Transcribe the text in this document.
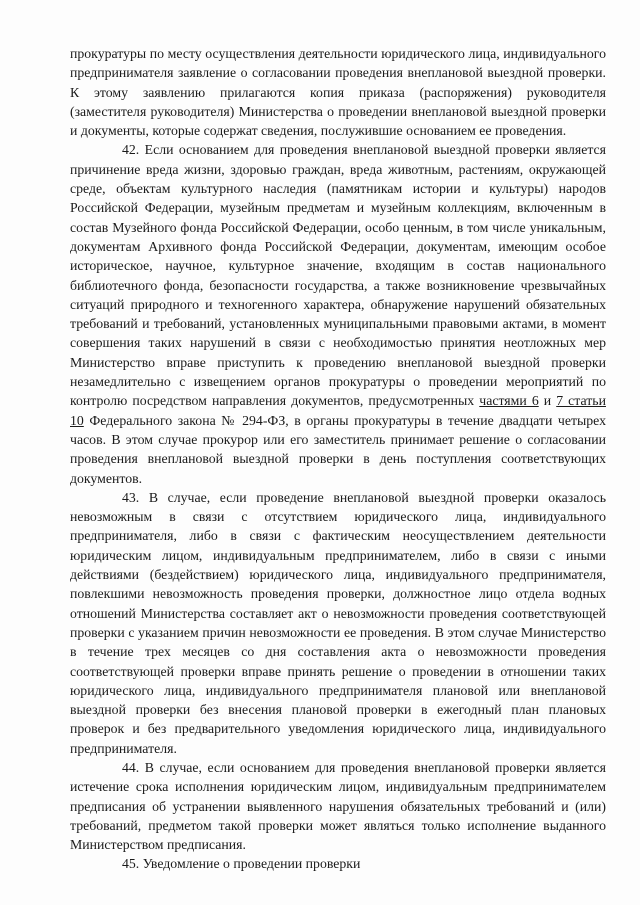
прокуратуры по месту осуществления деятельности юридического лица, индивидуального предпринимателя заявление о согласовании проведения внеплановой выездной проверки. К этому заявлению прилагаются копия приказа (распоряжения) руководителя (заместителя руководителя) Министерства о проведении внеплановой выездной проверки и документы, которые содержат сведения, послужившие основанием ее проведения.

42. Если основанием для проведения внеплановой выездной проверки является причинение вреда жизни, здоровью граждан, вреда животным, растениям, окружающей среде, объектам культурного наследия (памятникам истории и культуры) народов Российской Федерации, музейным предметам и музейным коллекциям, включенным в состав Музейного фонда Российской Федерации, особо ценным, в том числе уникальным, документам Архивного фонда Российской Федерации, документам, имеющим особое историческое, научное, культурное значение, входящим в состав национального библиотечного фонда, безопасности государства, а также возникновение чрезвычайных ситуаций природного и техногенного характера, обнаружение нарушений обязательных требований и требований, установленных муниципальными правовыми актами, в момент совершения таких нарушений в связи с необходимостью принятия неотложных мер Министерство вправе приступить к проведению внеплановой выездной проверки незамедлительно с извещением органов прокуратуры о проведении мероприятий по контролю посредством направления документов, предусмотренных частями 6 и 7 статьи 10 Федерального закона № 294-ФЗ, в органы прокуратуры в течение двадцати четырех часов. В этом случае прокурор или его заместитель принимает решение о согласовании проведения внеплановой выездной проверки в день поступления соответствующих документов.

43. В случае, если проведение внеплановой выездной проверки оказалось невозможным в связи с отсутствием юридического лица, индивидуального предпринимателя, либо в связи с фактическим неосуществлением деятельности юридическим лицом, индивидуальным предпринимателем, либо в связи с иными действиями (бездействием) юридического лица, индивидуального предпринимателя, повлекшими невозможность проведения проверки, должностное лицо отдела водных отношений Министерства составляет акт о невозможности проведения соответствующей проверки с указанием причин невозможности ее проведения. В этом случае Министерство в течение трех месяцев со дня составления акта о невозможности проведения соответствующей проверки вправе принять решение о проведении в отношении таких юридического лица, индивидуального предпринимателя плановой или внеплановой выездной проверки без внесения плановой проверки в ежегодный план плановых проверок и без предварительного уведомления юридического лица, индивидуального предпринимателя.

44. В случае, если основанием для проведения внеплановой проверки является истечение срока исполнения юридическим лицом, индивидуальным предпринимателем предписания об устранении выявленного нарушения обязательных требований и (или) требований, предметом такой проверки может являться только исполнение выданного Министерством предписания.

45. Уведомление о проведении проверки
